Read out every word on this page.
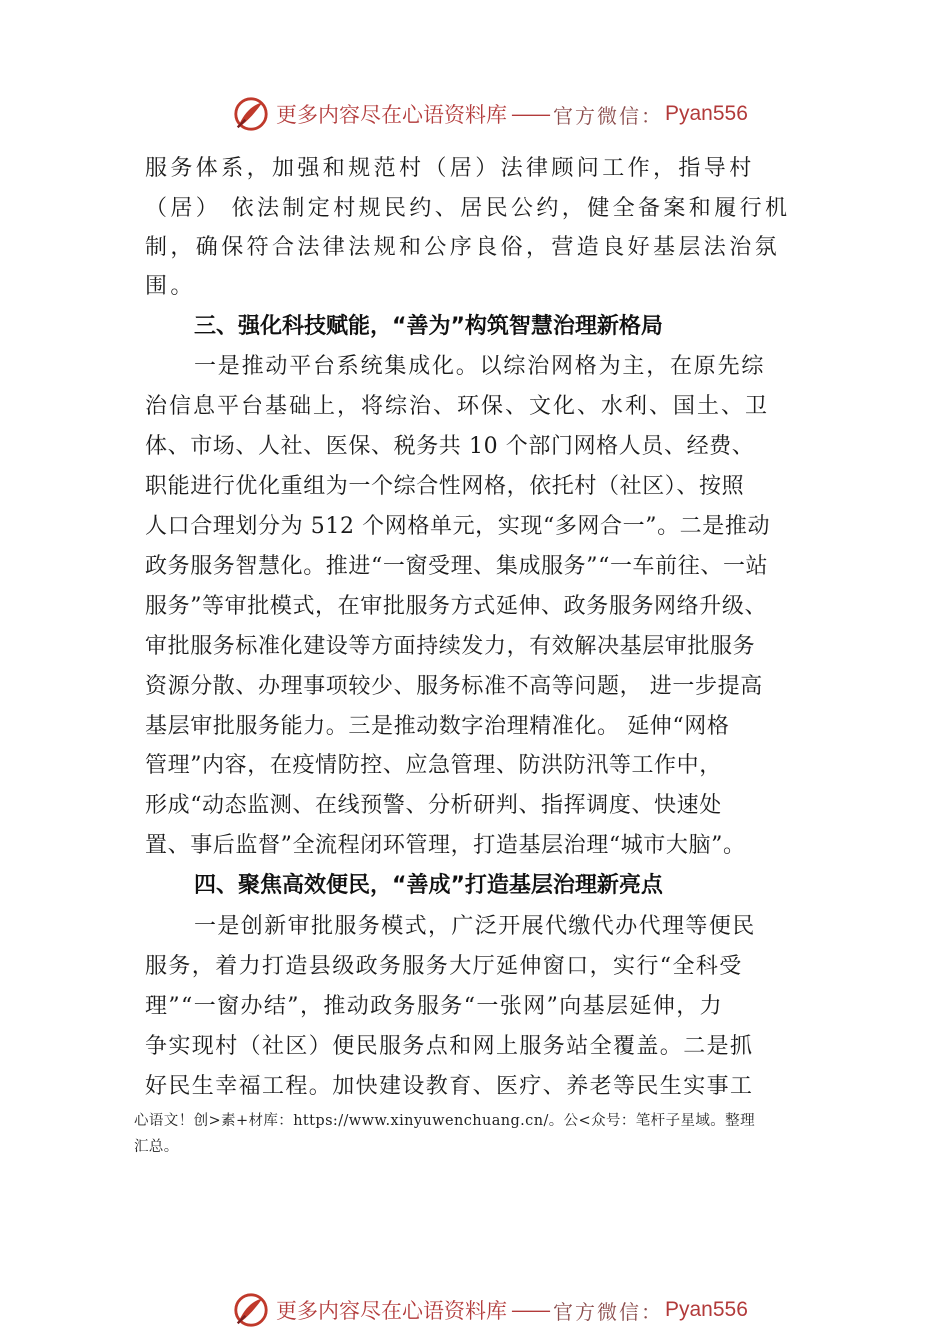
更多内容尽在心语资料库 —— 官方微信： Pyan556
服务体系，加强和规范村（居）法律顾问工作，指导村
（居） 依法制定村规民约、居民公约，健全备案和履行机
制，确保符合法律法规和公序良俗，营造良好基层法治氛
围。
三、强化科技赋能，“善为”构筑智慧治理新格局
一是推动平台系统集成化。以综治网格为主，在原先综
治信息平台基础上，将综治、环保、文化、水利、国土、卫
体、市场、人社、医保、税务共 10 个部门网格人员、经费、
职能进行优化重组为一个综合性网格，依托村（社区）、按照
人口合理划分为 512 个网格单元，实现“多网合一”。二是推动
政务服务智慧化。推进“一窗受理、集成服务”“一车前往、一站
服务”等审批模式，在审批服务方式延伸、政务服务网络升级、
审批服务标准化建设等方面持续发力，有效解决基层审批服务
资源分散、办理事项较少、服务标准不高等问题， 进一步提高
基层审批服务能力。三是推动数字治理精准化。 延伸“网格
管理”内容，在疫情防控、应急管理、防洪防汛等工作中，
形成“动态监测、在线预警、分析研判、指挥调度、快速处
置、事后监督”全流程闭环管理，打造基层治理“城市大脑”。
四、聚焦高效便民，“善成”打造基层治理新亮点
一是创新审批服务模式，广泛开展代缴代办代理等便民
服务，着力打造县级政务服务大厅延伸窗口，实行“全科受
理”“一窗办结”，推动政务服务“一张网”向基层延伸，力
争实现村（社区）便民服务点和网上服务站全覆盖。二是抓
好民生幸福工程。加快建设教育、医疗、养老等民生实事工
心语文！创>素+材库：https://www.xinyuwenchuang.cn/。公<众号：笔杆子星域。整理
汇总。
更多内容尽在心语资料库 —— 官方微信： Pyan556
